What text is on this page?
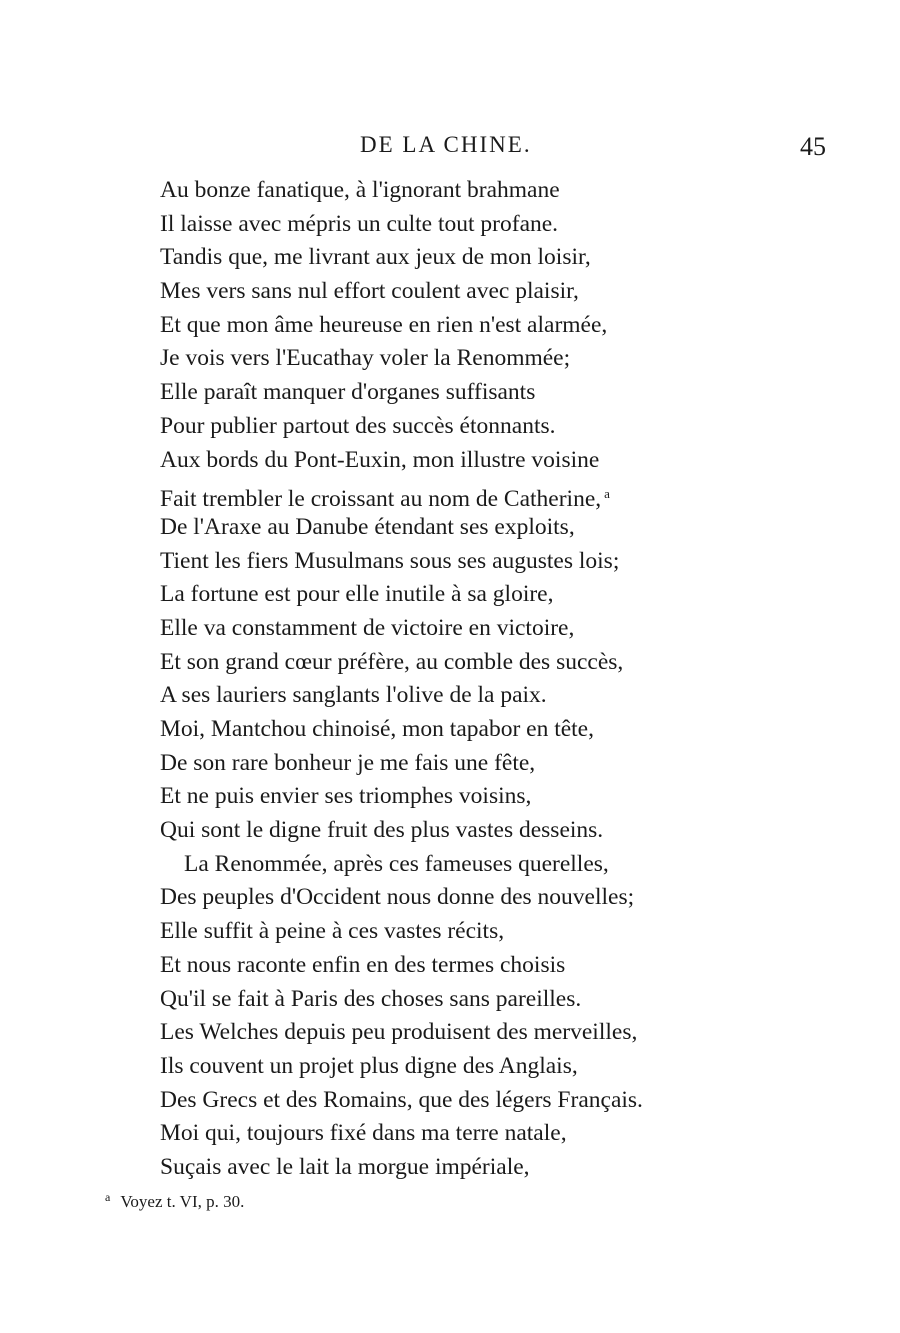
DE LA CHINE.	45
Au bonze fanatique, à l'ignorant brahmane
Il laisse avec mépris un culte tout profane.
Tandis que, me livrant aux jeux de mon loisir,
Mes vers sans nul effort coulent avec plaisir,
Et que mon âme heureuse en rien n'est alarmée,
Je vois vers l'Eucathay voler la Renommée;
Elle paraît manquer d'organes suffisants
Pour publier partout des succès étonnants.
Aux bords du Pont-Euxin, mon illustre voisine
Fait trembler le croissant au nom de Catherine, $^a$
De l'Araxe au Danube étendant ses exploits,
Tient les fiers Musulmans sous ses augustes lois;
La fortune est pour elle inutile à sa gloire,
Elle va constamment de victoire en victoire,
Et son grand cœur préfère, au comble des succès,
A ses lauriers sanglants l'olive de la paix.
Moi, Mantchou chinoisé, mon tapabor en tête,
De son rare bonheur je me fais une fête,
Et ne puis envier ses triomphes voisins,
Qui sont le digne fruit des plus vastes desseins.
La Renommée, après ces fameuses querelles,
Des peuples d'Occident nous donne des nouvelles;
Elle suffit à peine à ces vastes récits,
Et nous raconte enfin en des termes choisis
Qu'il se fait à Paris des choses sans pareilles.
Les Welches depuis peu produisent des merveilles,
Ils couvent un projet plus digne des Anglais,
Des Grecs et des Romains, que des légers Français.
Moi qui, toujours fixé dans ma terre natale,
Suçais avec le lait la morgue impériale,
$^a$ Voyez t. VI, p. 30.
